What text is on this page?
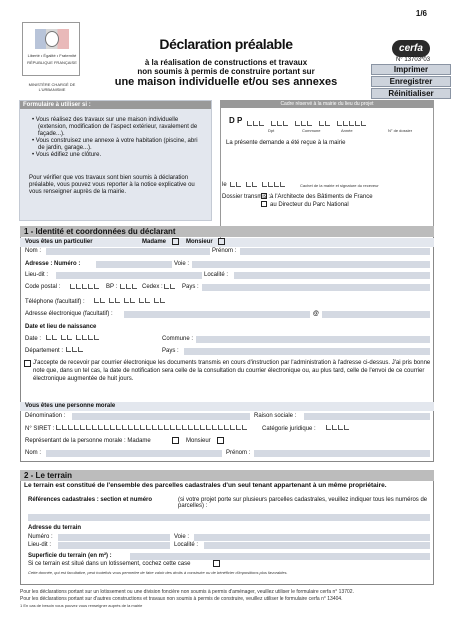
1/6
Liberté • Égalité • Fraternité
RÉPUBLIQUE FRANÇAISE
MINISTÈRE CHARGÉ DE L'URBANISME
Déclaration préalable
à la réalisation de constructions et travaux
non soumis à permis de construire portant sur
une maison individuelle et/ou ses annexes
cerfa
N° 13703*03
Imprimer
Enregistrer
Réinitialiser
Formulaire à utiliser si :
• Vous réalisez des travaux sur une maison individuelle (extension, modification de l'aspect extérieur, ravalement de façade...).
• Vous construisez une annexe à votre habitation (piscine, abri de jardin, garage...).
• Vous édifiez une clôture.
Pour vérifier que vos travaux sont bien soumis à déclaration préalable, vous pouvez vous reporter à la notice explicative ou vous renseigner auprès de la mairie.
Cadre réservé à la mairie du lieu du projet
D P

Dpt	Commune	Année	N° de dossier
La présente demande a été reçue à la mairie
le	Cachet de la mairie et signature du receveur
Dossier transmis : à l'Architecte des Bâtiments de France
au Directeur du Parc National
1 - Identité et coordonnées du déclarant
Vous êtes un particulier	Madame	Monsieur
Nom :	Prénom :
Adresse : Numéro :	Voie :
Lieu-dit :	Localité :
Code postal :	BP :	Cedex :	Pays :
Téléphone (facultatif) :
Adresse électronique (facultatif) :	@
Date et lieu de naissance
Date :	Commune :
Département :	Pays :
J'accepte de recevoir par courrier électronique les documents transmis en cours d'instruction par l'administration à l'adresse ci-dessus. J'ai pris bonne note que, dans un tel cas, la date de notification sera celle de la consultation du courrier électronique ou, au plus tard, celle de l'envoi de ce courrier électronique augmentée de huit jours.
Vous êtes une personne morale
Dénomination :	Raison sociale :
N° SIRET :	Catégorie juridique :
Représentant de la personne morale : Madame	Monsieur
Nom :	Prénom :
2 - Le terrain
Le terrain est constitué de l'ensemble des parcelles cadastrales d'un seul tenant appartenant à un même propriétaire.
Références cadastrales : section et numéro	(si votre projet porte sur plusieurs parcelles cadastrales, veuillez indiquer tous les numéros de parcelles) :
Adresse du terrain
Numéro :	Voie :
Lieu-dit :	Localité :
Superficie du terrain (en m²) :
Si ce terrain est situé dans un lotissement, cochez cette case
Cette donnée, qui est facultative, peut toutefois vous permettre de faire valoir des droits à construire ou de bénéficier d'impositions plus favorables.
Pour les déclarations portant sur un lotissement ou une division foncière non soumis à permis d'aménager, veuillez utiliser le formulaire cerfa n° 13702.
Pour les déclarations portant sur d'autres constructions et travaux non soumis à permis de construire, veuillez utiliser le formulaire cerfa n° 13404.
1 En cas de besoin vous pouvez vous renseigner auprès de la mairie
